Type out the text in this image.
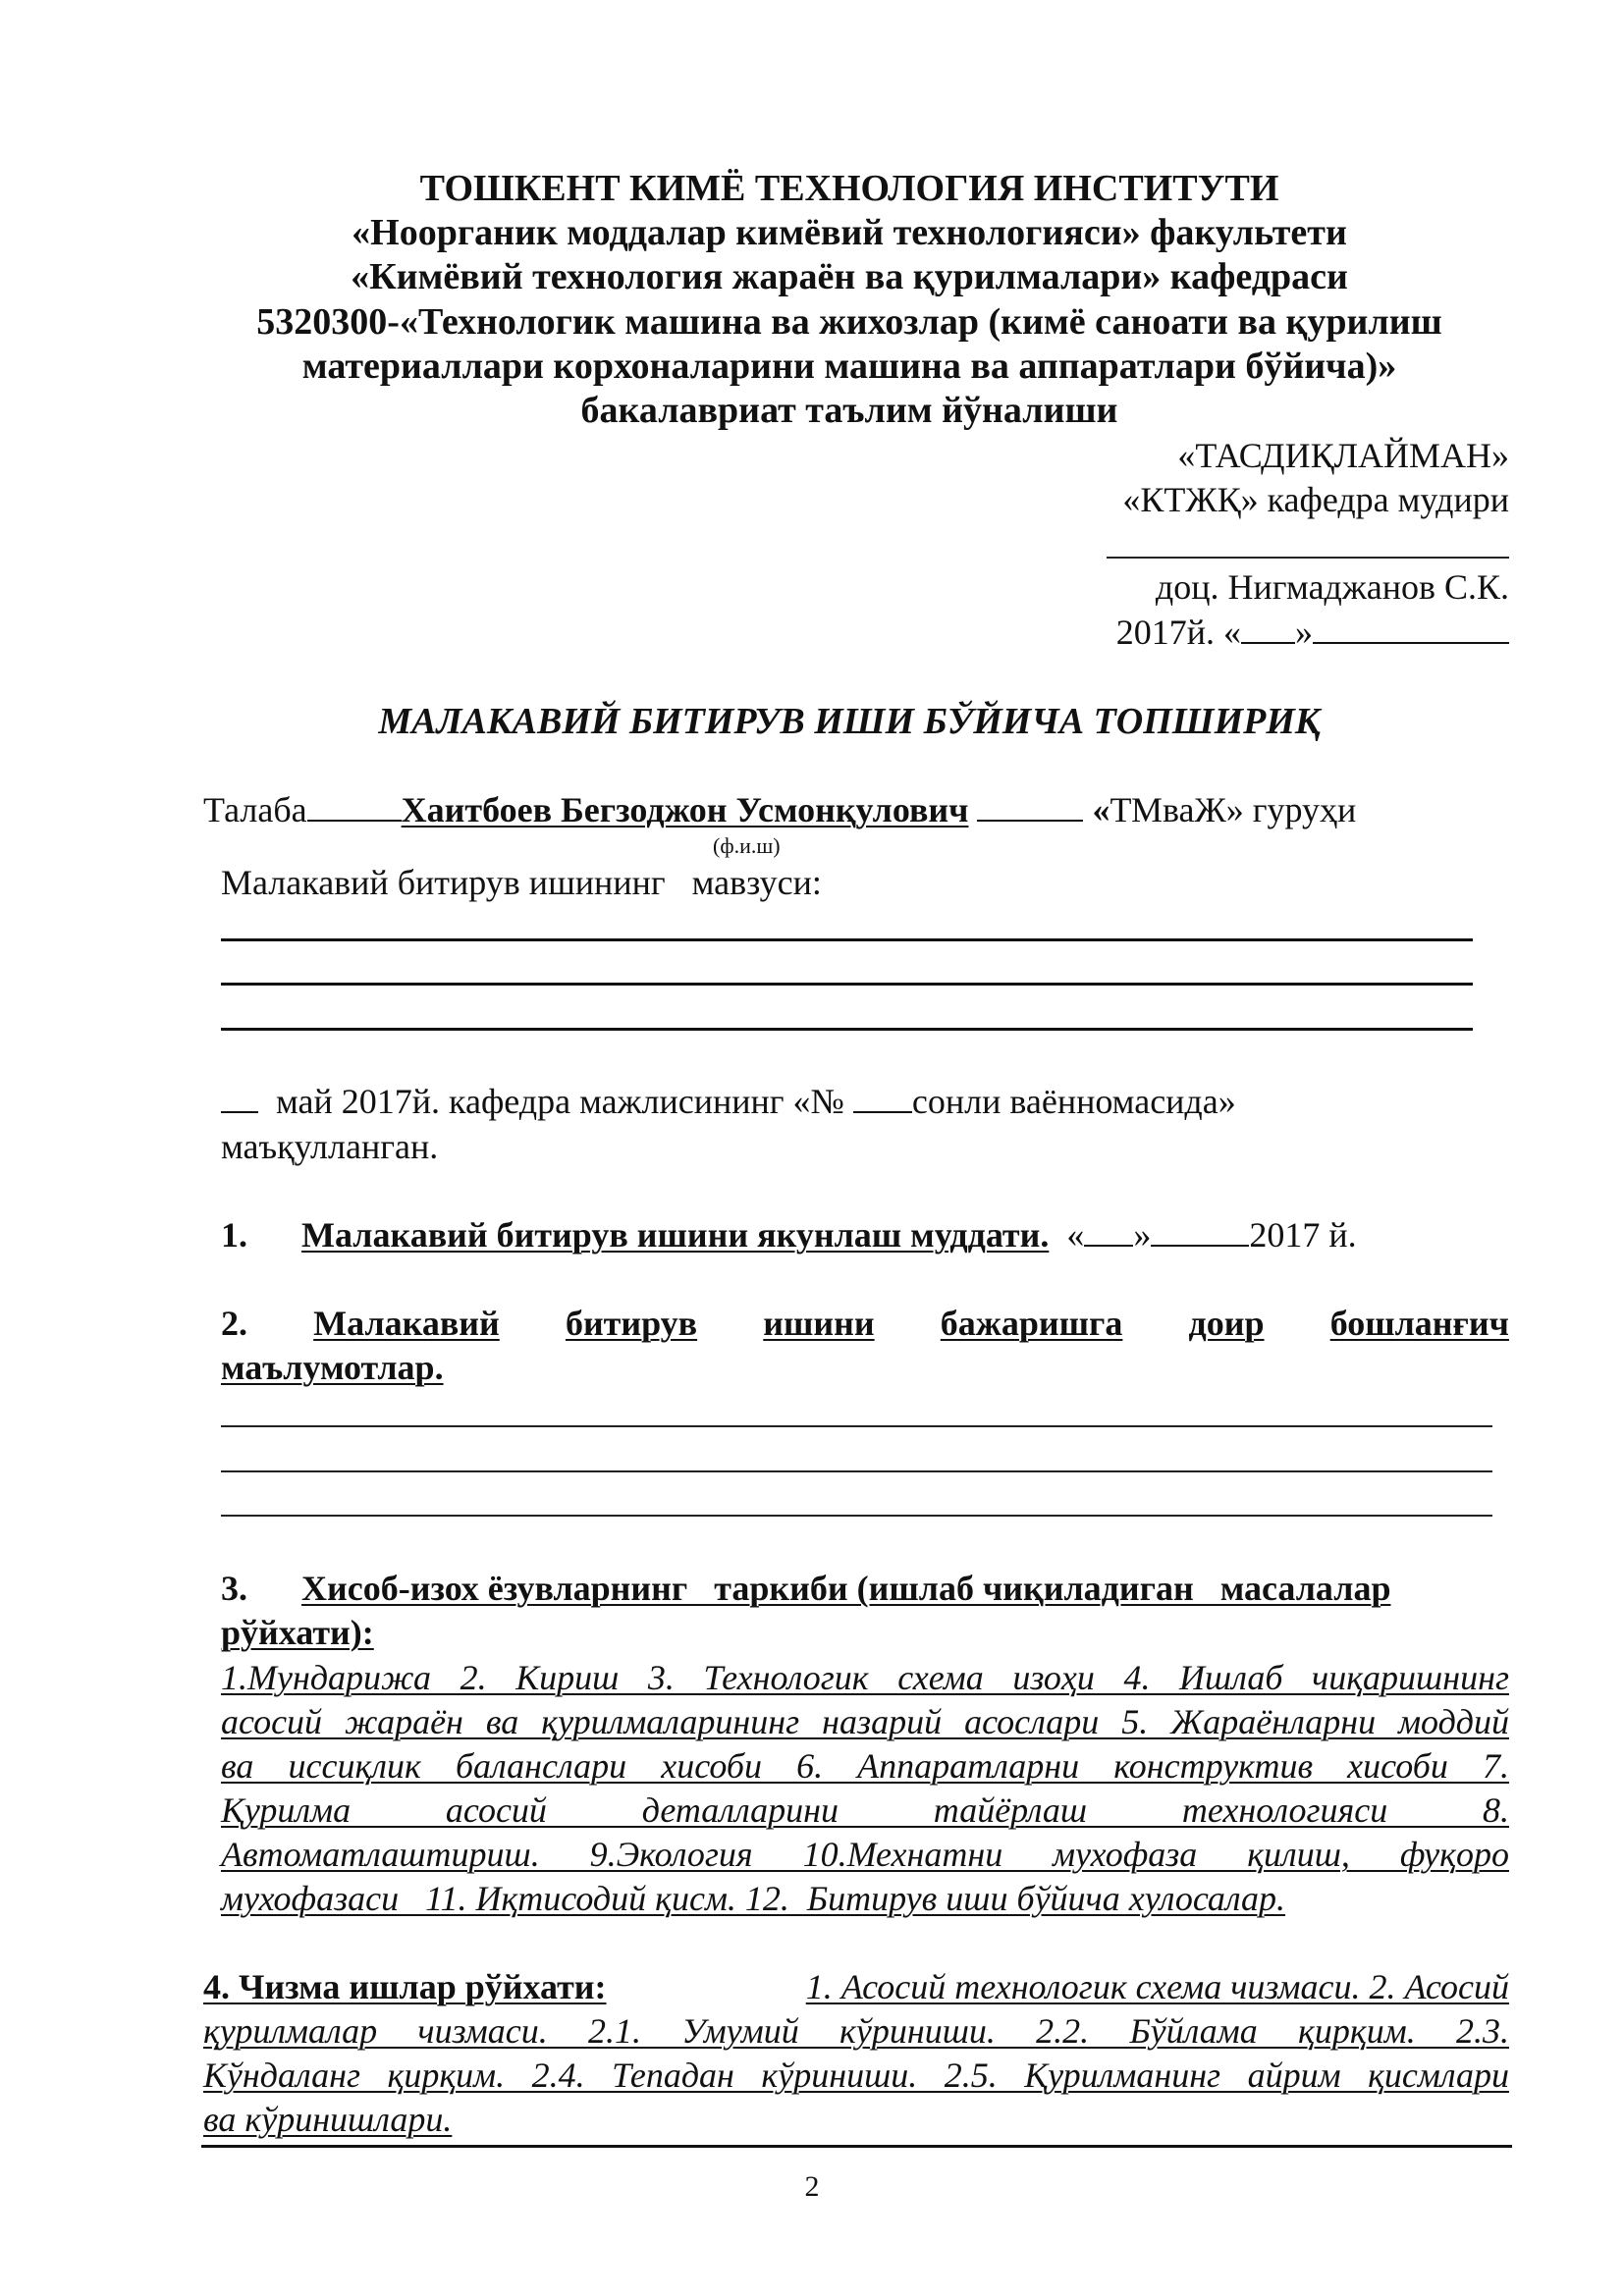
ТОШКЕНТ КИМЁ ТЕХНОЛОГИЯ ИНСТИТУТИ
«Ноорганик моддалар кимёвий технологияси» факультети
«Кимёвий технология жараён ва қурилмалари» кафедраси
5320300-«Технологик машина ва жихозлар (кимё саноати ва қурилиш
материаллари корхоналарини машина ва аппаратлари бўйича)»
бакалавриат таълим йўналиши
«ТАСДИҚЛАЙМАН»
«КТЖҚ» кафедра мудири
доц. Нигмаджанов С.К.
2017й. « »
МАЛАКАВИЙ БИТИРУВ ИШИ БЎЙИЧА ТОПШИРИҚ
Талаба	Хаитбоев Бегзоджон Усмонқулович	«ТМваЖ» гуруҳи
(ф.и.ш)
Малакавий битирув ишининг   мавзуси:
май 2017й. кафедра мажлисининг «№ сонли ваённомасида»
маъқулланган.
1. Малакавий битирув ишини якунлаш муддати. « »	2017 й.
2. Малакавий битирув ишини бажаришга доир бошланғич
маълумотлар.
3. Хисоб-изох ёзувларнинг   таркиби (ишлаб чиқиладиган   масалалар
рўйхати):
1.Мундарижа 2. Кириш 3. Технологик схема изоҳи 4. Ишлаб чиқаришнинг
асосий жараён ва қурилмаларининг назарий асослари 5. Жараёнларни моддий
ва иссиқлик баланслари хисоби 6. Аппаратларни конструктив хисоби 7.
Қурилма асосий деталларини тайёрлаш технологияси 8.
Автоматлаштириш. 9.Экология 10.Мехнатни мухофаза қилиш, фуқоро
мухофазаси   11. Иқтисодий қисм. 12.  Битирув иши бўйича хулосалар.
4. Чизма ишлар рўйхати:	1. Асосий технологик схема чизмаси. 2. Асосий
қурилмалар чизмаси. 2.1. Умумий кўриниши. 2.2. Бўйлама қирқим. 2.3.
Кўндаланг қирқим. 2.4. Тепадан кўриниши. 2.5. Қурилманинг айрим қисмлари
ва кўринишлари.
2
